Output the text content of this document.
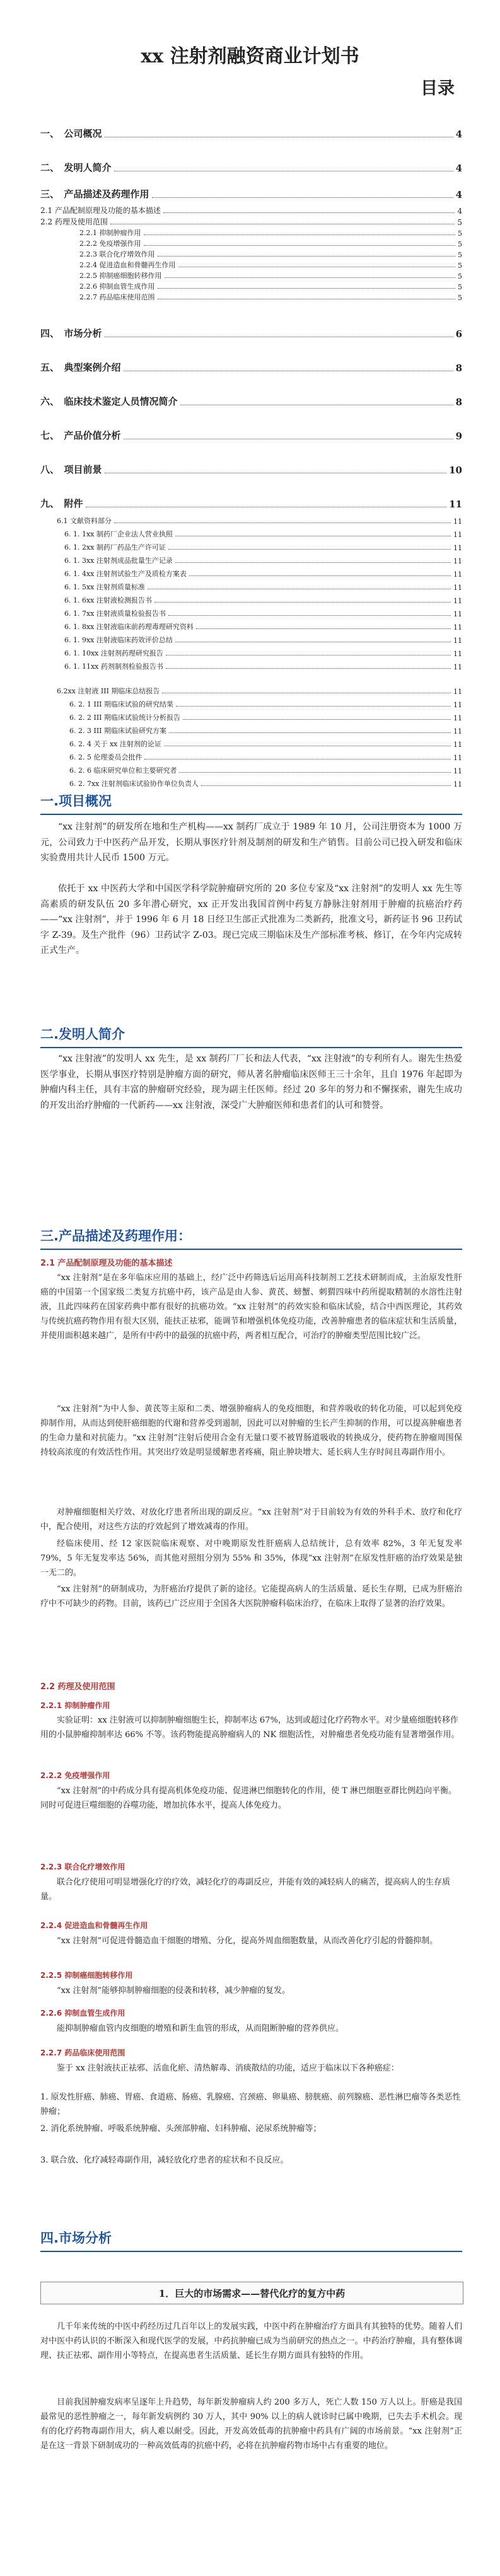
xx 注射剂融资商业计划书
目录
一、　公司概况	4
二、　发明人简介	4
三、　产品描述及药理作用	4
2.1 产品配制原理及功能的基本描述	4
2.2 药理及使用范围	5
2.2.1 抑制肿瘤作用	5
2.2.2 免疫增强作用	5
2.2.3 联合化疗增效作用	5
2.2.4 促进造血和骨髓再生作用	5
2.2.5 抑制癌细胞转移作用	5
2.2.6 抑制血管生成作用	5
2.2.7 药品临床使用范围	5
四、　市场分析	6
五、　典型案例介绍	8
六、　临床技术鉴定人员情况简介	8
七、　产品价值分析	9
八、　项目前景	10
九、　附件	11
6.1 文献资料部分	11
6. 1. 1xx 制药厂企业法人营业执照	11
6. 1. 2xx 制药厂药品生产许可证	11
6. 1. 3xx 注射剂成品批量生产记录	11
6. 1. 4xx 注射剂试验生产及质检方案表	11
6. 1. 5xx 注射剂质量标准	11
6. 1. 6xx 注射液检测报告书	11
6. 1. 7xx 注射液质量检验报告书	11
6. 1. 8xx 注射液临床前药理毒理研究资料	11
6. 1. 9xx 注射液临床药效评价总结	11
6. 1. 10xx 注射剂药理研究报告	11
6. 1. 11xx 药剂制剂检验报告书	11
6.2xx 注射液 III 期临床总结报告	11
6. 2. 1 III 期临床试验的研究结果	11
6. 2. 2 III 期临床试验统计分析报告	11
6. 2. 3 III 期临床试验研究方案	11
6. 2. 4 关于 xx 注射剂的论证	11
6. 2. 5 伦理委员会批件	11
6. 2. 6 临床研究单位和主要研究者	11
6. 2. 7xx 注射剂临床试验协作单位负责人	11
一.项目概况

“xx 注射剂”的研发所在地和生产机构——xx 制药厂成立于 1989 年 10 月，公司注册资本为 1000 万元，公司致力于中医药产品开发，长期从事医疗针剂及制剂的研发和生产销售。目前公司已投入研发和临床实验费用共计人民币 1500 万元。

依托于 xx 中医药大学和中国医学科学院肿瘤研究所的 20 多位专家及“xx 注射剂”的发明人 xx 先生等高素质的研发队伍 20 多年潜心研究，xx 正开发出我国首例中药复方静脉注射剂用于肿瘤的抗癌治疗药——“xx 注射剂”，并于 1996 年 6 月 18 日经卫生部正式批准为二类新药，批准文号，新药证书 96 卫药试字 Z-39。及生产批件（96）卫药试字 Z-03。现已完成三期临床及生产部标准考核、修订，在今年内完成转正式生产。

二.发明人简介

“xx 注射液”的发明人 xx 先生，是 xx 制药厂厂长和法人代表，“xx 注射液”的专利所有人。谢先生热爱医学事业，长期从事医疗特别是肿瘤方面的研究，师从著名肿瘤临床医师王三十余年，且自 1976 年起即为肿瘤内科主任，具有丰富的肿瘤研究经验，现为副主任医师。经过 20 多年的努力和不懈探索，谢先生成功的开发出治疗肿瘤的一代新药——xx 注射液，深受广大肿瘤医师和患者们的认可和赞誉。

三.产品描述及药理作用：
2.1 产品配制原理及功能的基本描述

“xx 注射剂”是在多年临床应用的基础上，经广泛中药筛选后运用高科技制剂工艺技术研制而成，主治原发性肝癌的中国第一个国家级二类复方抗癌中药，该产品是由人参、黄芪、螃蟹、刺猬四味中药所提取精制的水溶性注射液，且此四味药在国家药典中都有很好的抗癌功效。“xx 注射剂”的药效实验和临床试验，结合中西医理论，其药效与传统抗癌药物作用有很大区别，能扶正祛邪，能调节和增强机体免疫功能，改善肿瘤患者的临床症状和生活质量，并使用面积越来越广，是所有中药中的最强的抗癌中药，两者相互配合，可治疗的肿瘤类型范围比较广泛。

“xx 注射剂”为中人参、黄芪等主原和二类、增强肿瘤病人的免疫细胞，和营养吸收的转化功能，可以起到免疫抑制作用，从而达到使肝癌细胞的代谢和营养受到遏制，因此可以对肿瘤的生长产生抑制的作用，可以提高肿瘤患者的生命力量和对抗能力。“xx 注射剂”注射后使用合金有无量口要不被胃肠道吸收的转换成分，使药物在肿瘤周围保持较高浓度的有效活性作用。其突出疗效是明显缓解患者疼痛，阻止肿块增大、延长病人生存时间且毒副作用小。

对肿瘤细胞相关疗效、对放化疗患者所出现的副反应。“xx 注射剂”对于目前较为有效的外科手术、放疗和化疗中，配合使用，对这些方法的疗效起到了增效减毒的作用。

经临床使用、经 12 家医院临床观察、对中晚期原发性肝癌病人总结统计，总有效率 82%，3 年无复发率 79%，5 年无复发率达 56%，而其他对照组分别为 55% 和 35%，体现“xx 注射剂”在原发性肝癌的治疗效果是独一无二的。

“xx 注射剂”的研制成功，为肝癌治疗提供了新的途径。它能提高病人的生活质量、延长生存期，已成为肝癌治疗中不可缺少的药物。目前，该药已广泛应用于全国各大医院肿瘤科临床治疗，在临床上取得了显著的治疗效果。

2.2 药理及使用范围
2.2.1 抑制肿瘤作用

实验证明：xx 注射液可以抑制肿瘤细胞生长，抑制率达 67%，达到或超过化疗药物水平。对少量癌细胞转移作用的小鼠肿瘤抑制率达 66% 不等。该药物能提高肿瘤病人的 NK 细胞活性，对肿瘤患者免疫功能有显著增强作用。

2.2.2 免疫增强作用

“xx 注射剂”的中药成分具有提高机体免疫功能、促进淋巴细胞转化的作用，使 T 淋巴细胞亚群比例趋向平衡。同时可促进巨噬细胞的吞噬功能，增加抗体水平，提高人体免疫力。

2.2.3 联合化疗增效作用

联合化疗使用可明显增强化疗的疗效，减轻化疗的毒副反应，并能有效的减轻病人的痛苦，提高病人的生存质量。

2.2.4 促进造血和骨髓再生作用

“xx 注射剂”可促进骨髓造血干细胞的增殖、分化，提高外周血细胞数量，从而改善化疗引起的骨髓抑制。

2.2.5 抑制癌细胞转移作用

“xx 注射剂”能够抑制肿瘤细胞的侵袭和转移，减少肿瘤的复发。

2.2.6 抑制血管生成作用

能抑制肿瘤血管内皮细胞的增殖和新生血管的形成，从而阻断肿瘤的营养供应。

2.2.7 药品临床使用范围

鉴于 xx 注射液扶正祛邪、活血化瘀、清热解毒、消痰散结的功能，适应于临床以下各种癌症：

1. 原发性肝癌、肺癌、胃癌、食道癌、肠癌、乳腺癌、宫颈癌、卵巢癌、膀胱癌、前列腺癌、恶性淋巴瘤等各类恶性肿瘤；

2. 消化系统肿瘤、呼吸系统肿瘤、头颈部肿瘤、妇科肿瘤、泌尿系统肿瘤等；

3. 联合放、化疗减轻毒副作用，减轻放化疗患者的症状和不良反应。

四.市场分析
1．巨大的市场需求——替代化疗的复方中药

几千年来传统的中医中药经历过几百年以上的发展实践，中医中药在肿瘤治疗方面具有其独特的优势。随着人们对中医中药认识的不断深入和现代医学的发展，中药抗肿瘤已成为当前研究的热点之一。中药治疗肿瘤，具有整体调理、扶正祛邪、副作用小等特点，在提高患者生活质量、延长生存期方面具有独特的作用。

目前我国肿瘤发病率呈逐年上升趋势，每年新发肿瘤病人约 200 多万人，死亡人数 150 万人以上。肝癌是我国最常见的恶性肿瘤之一，每年新发病例约 30 万人，其中 90% 以上的病人就诊时已属中晚期，已失去手术机会。现有的化疗药物毒副作用大，病人难以耐受。因此，开发高效低毒的抗肿瘤中药具有广阔的市场前景。“xx 注射剂”正是在这一背景下研制成功的一种高效低毒的抗癌中药，必将在抗肿瘤药物市场中占有重要的地位。
